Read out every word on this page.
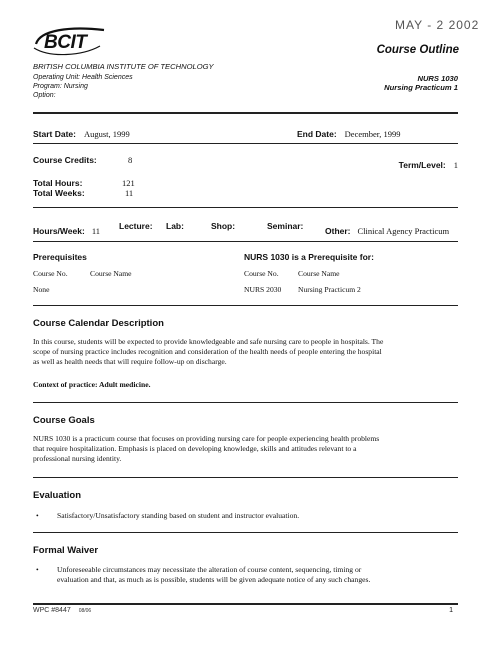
MAY - 2 2002
BCIT
BRITISH COLUMBIA INSTITUTE OF TECHNOLOGY
Course Outline
Operating Unit: Health Sciences
Program: Nursing
Option:
NURS 1030
Nursing Practicum 1
Start Date: August, 1999	End Date: December, 1999
Course Credits:	8	Term/Level: 1
Total Hours:	121
Total Weeks:	11
Hours/Week: 11 Lecture: Lab:	Shop:	Seminar:	Other: Clinical Agency Practicum
Prerequisites
Course No.	Course Name
None
NURS 1030 is a Prerequisite for:
Course No.	Course Name
NURS 2030 Nursing Practicum 2
Course Calendar Description
In this course, students will be expected to provide knowledgeable and safe nursing care to people in hospitals. The
scope of nursing practice includes recognition and consideration of the health needs of people entering the hospital
as well as health needs that will require follow-up on discharge.
Context of practice: Adult medicine.
Course Goals
NURS 1030 is a practicum course that focuses on providing nursing care for people experiencing health problems
that require hospitalization. Emphasis is placed on developing knowledge, skills and attitudes relevant to a
professional nursing identity.
Evaluation
• Satisfactory/Unsatisfactory standing based on student and instructor evaluation.
Formal Waiver
• Unforeseeable circumstances may necessitate the alteration of course content, sequencing, timing or
evaluation and that, as much as is possible, students will be given adequate notice of any such changes.
WPC #8447 08/06	1
